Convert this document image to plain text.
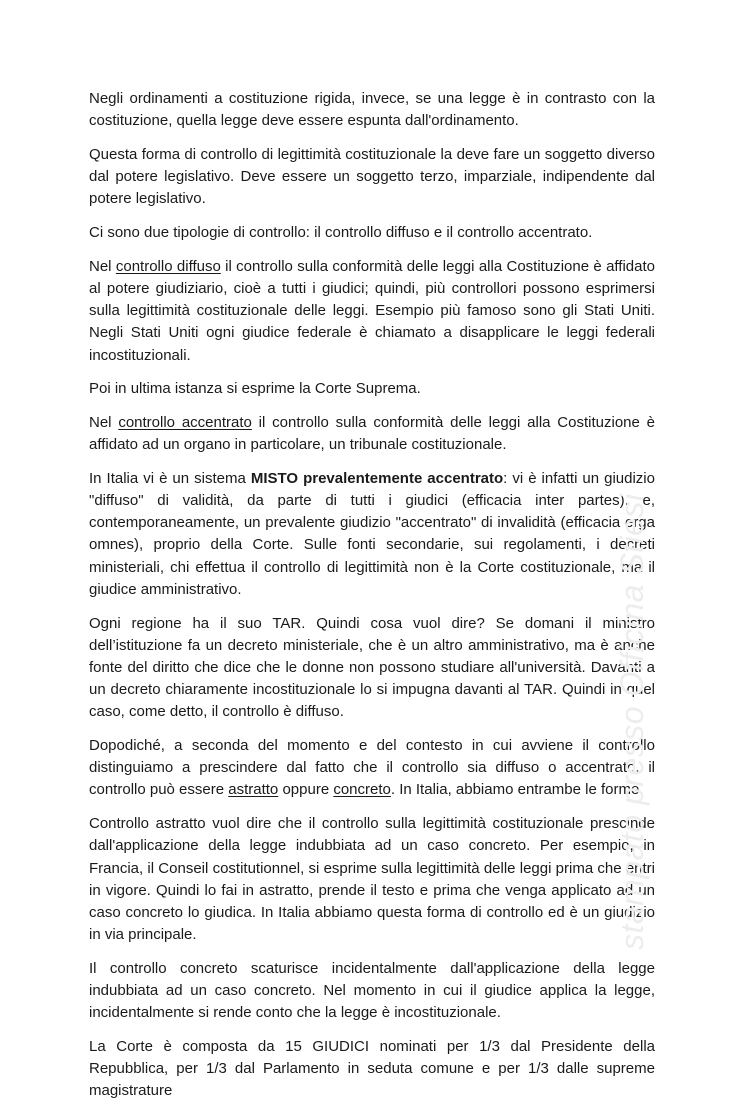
Negli ordinamenti a costituzione rigida, invece, se una legge è in contrasto con la costituzione, quella legge deve essere espunta dall'ordinamento.

Questa forma di controllo di legittimità costituzionale la deve fare un soggetto diverso dal potere legislativo. Deve essere un soggetto terzo, imparziale, indipendente dal potere legislativo.

Ci sono due tipologie di controllo: il controllo diffuso e il controllo accentrato.

Nel controllo diffuso il controllo sulla conformità delle leggi alla Costituzione è affidato al potere giudiziario, cioè a tutti i giudici; quindi, più controllori possono esprimersi sulla legittimità costituzionale delle leggi. Esempio più famoso sono gli Stati Uniti. Negli Stati Uniti ogni giudice federale è chiamato a disapplicare le leggi federali incostituzionali.

Poi in ultima istanza si esprime la Corte Suprema.

Nel controllo accentrato il controllo sulla conformità delle leggi alla Costituzione è affidato ad un organo in particolare, un tribunale costituzionale.

In Italia vi è un sistema MISTO prevalentemente accentrato: vi è infatti un giudizio "diffuso" di validità, da parte di tutti i giudici (efficacia inter partes), e, contemporaneamente, un prevalente giudizio "accentrato" di invalidità (efficacia erga omnes), proprio della Corte. Sulle fonti secondarie, sui regolamenti, i decreti ministeriali, chi effettua il controllo di legittimità non è la Corte costituzionale, ma il giudice amministrativo.

Ogni regione ha il suo TAR. Quindi cosa vuol dire? Se domani il ministro dell’istituzione fa un decreto ministeriale, che è un altro amministrativo, ma è anche fonte del diritto che dice che le donne non possono studiare all'università. Davanti a un decreto chiaramente incostituzionale lo si impugna davanti al TAR. Quindi in quel caso, come detto, il controllo è diffuso.

Dopodiché, a seconda del momento e del contesto in cui avviene il controllo distinguiamo a prescindere dal fatto che il controllo sia diffuso o accentrato, il controllo può essere astratto oppure concreto. In Italia, abbiamo entrambe le forme.

Controllo astratto vuol dire che il controllo sulla legittimità costituzionale prescinde dall'applicazione della legge indubbiata ad un caso concreto. Per esempio, in Francia, il Conseil costitutionnel, si esprime sulla legittimità delle leggi prima che entri in vigore. Quindi lo fai in astratto, prende il testo e prima che venga applicato ad un caso concreto lo giudica. In Italia abbiamo questa forma di controllo ed è un giudizio in via principale.

Il controllo concreto scaturisce incidentalmente dall'applicazione della legge indubbiata ad un caso concreto. Nel momento in cui il giudice applica la legge, incidentalmente si rende conto che la legge è incostituzionale.

La Corte è composta da 15 GIUDICI nominati per 1/3 dal Presidente della Repubblica, per 1/3 dal Parlamento in seduta comune e per 1/3 dalle supreme magistrature

stampato presso Officina Stiesi
